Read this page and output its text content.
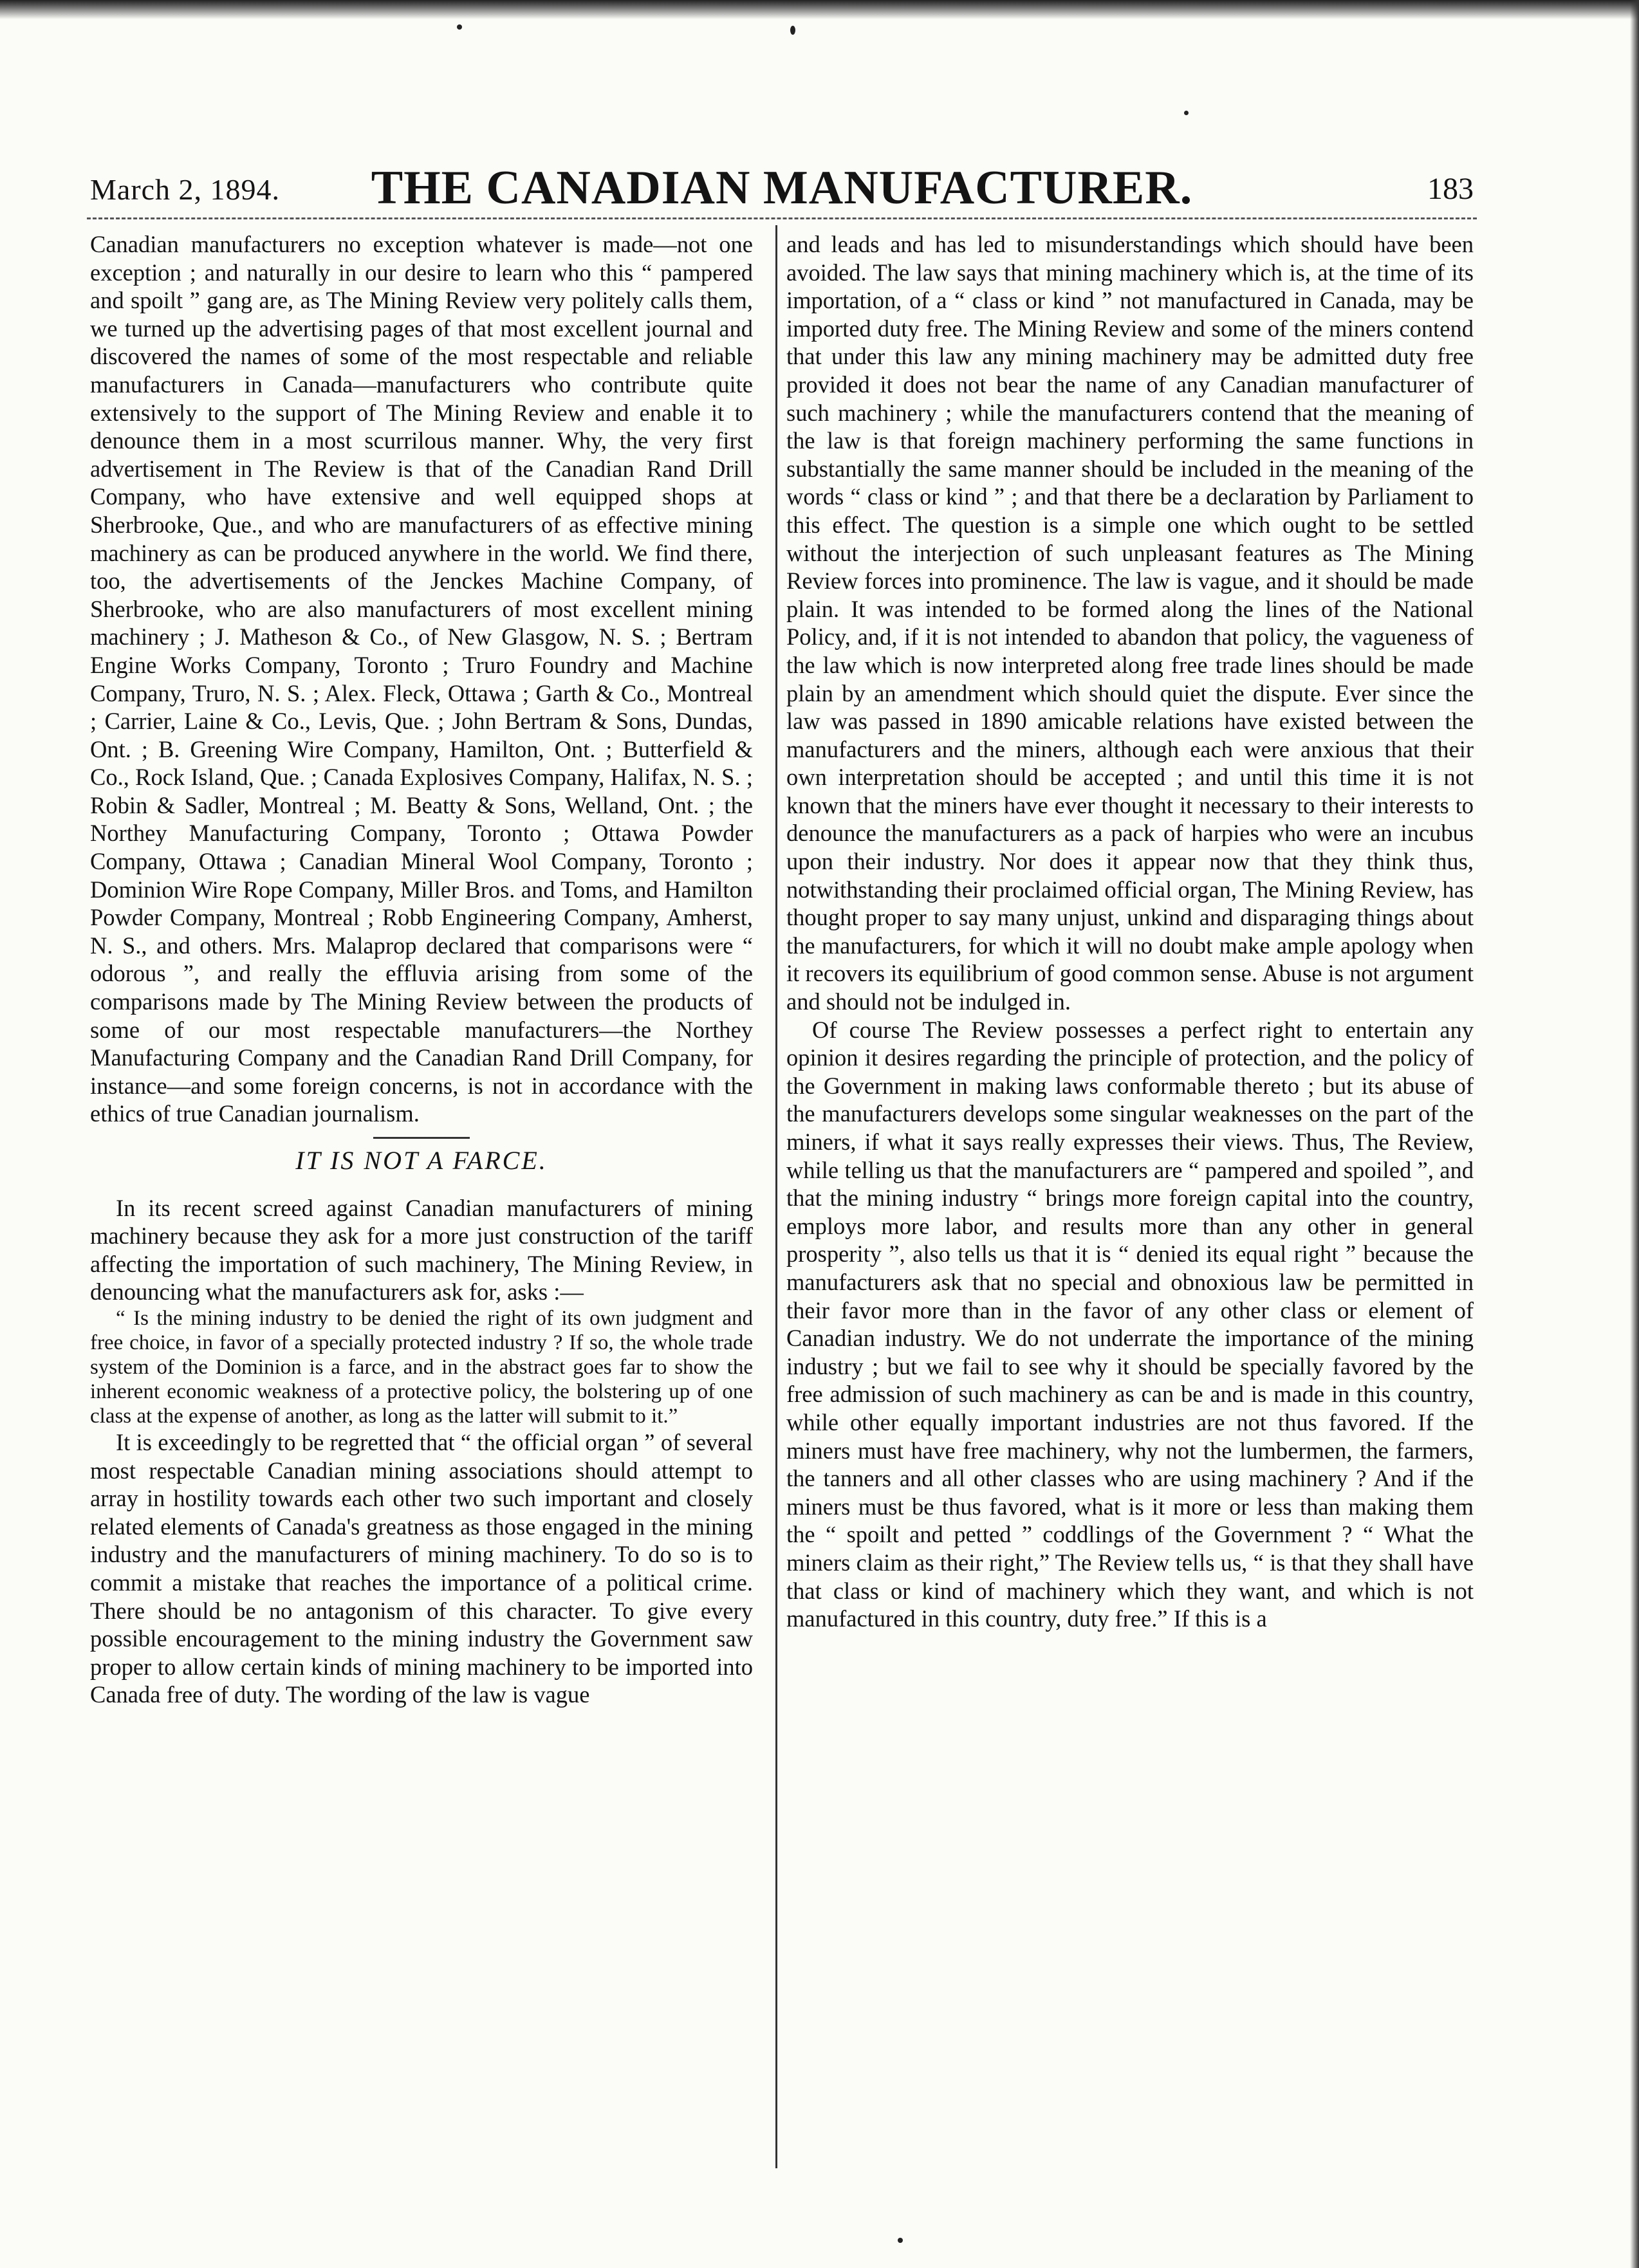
March 2, 1894.	THE CANADIAN MANUFACTURER.	183

Canadian manufacturers no exception whatever is made—not one exception ; and naturally in our desire to learn who this “ pampered and spoilt ” gang are, as The Mining Review very politely calls them, we turned up the advertising pages of that most excellent journal and discovered the names of some of the most respectable and reliable manufacturers in Canada—manufacturers who contribute quite extensively to the support of The Mining Review and enable it to denounce them in a most scurrilous manner. Why, the very first advertisement in The Review is that of the Canadian Rand Drill Company, who have extensive and well equipped shops at Sherbrooke, Que., and who are manufacturers of as effective mining machinery as can be produced anywhere in the world. We find there, too, the advertisements of the Jenckes Machine Company, of Sherbrooke, who are also manufacturers of most excellent mining machinery ; J. Matheson & Co., of New Glasgow, N. S. ; Bertram Engine Works Company, Toronto ; Truro Foundry and Machine Company, Truro, N. S. ; Alex. Fleck, Ottawa ; Garth & Co., Montreal ; Carrier, Laine & Co., Levis, Que. ; John Bertram & Sons, Dundas, Ont. ; B. Greening Wire Company, Hamilton, Ont. ; Butterfield & Co., Rock Island, Que. ; Canada Explosives Company, Halifax, N. S. ; Robin & Sadler, Montreal ; M. Beatty & Sons, Welland, Ont. ; the Northey Manufacturing Company, Toronto ; Ottawa Powder Company, Ottawa ; Canadian Mineral Wool Company, Toronto ; Dominion Wire Rope Company, Miller Bros. and Toms, and Hamilton Powder Company, Montreal ; Robb Engineering Company, Amherst, N. S., and others. Mrs. Malaprop declared that comparisons were “ odorous ”, and really the effluvia arising from some of the comparisons made by The Mining Review between the products of some of our most respectable manufacturers—the Northey Manufacturing Company and the Canadian Rand Drill Company, for instance—and some foreign concerns, is not in accordance with the ethics of true Canadian journalism.

IT IS NOT A FARCE.

In its recent screed against Canadian manufacturers of mining machinery because they ask for a more just construction of the tariff affecting the importation of such machinery, The Mining Review, in denouncing what the manufacturers ask for, asks :—

“ Is the mining industry to be denied the right of its own judgment and free choice, in favor of a specially protected industry ? If so, the whole trade system of the Dominion is a farce, and in the abstract goes far to show the inherent economic weakness of a protective policy, the bolstering up of one class at the expense of another, as long as the latter will submit to it.”

It is exceedingly to be regretted that “ the official organ ” of several most respectable Canadian mining associations should attempt to array in hostility towards each other two such important and closely related elements of Canada's greatness as those engaged in the mining industry and the manufacturers of mining machinery. To do so is to commit a mistake that reaches the importance of a political crime. There should be no antagonism of this character. To give every possible encouragement to the mining industry the Government saw proper to allow certain kinds of mining machinery to be imported into Canada free of duty. The wording of the law is vague

and leads and has led to misunderstandings which should have been avoided. The law says that mining machinery which is, at the time of its importation, of a “ class or kind ” not manufactured in Canada, may be imported duty free. The Mining Review and some of the miners contend that under this law any mining machinery may be admitted duty free provided it does not bear the name of any Canadian manufacturer of such machinery ; while the manufacturers contend that the meaning of the law is that foreign machinery performing the same functions in substantially the same manner should be included in the meaning of the words “ class or kind ” ; and that there be a declaration by Parliament to this effect. The question is a simple one which ought to be settled without the interjection of such unpleasant features as The Mining Review forces into prominence. The law is vague, and it should be made plain. It was intended to be formed along the lines of the National Policy, and, if it is not intended to abandon that policy, the vagueness of the law which is now interpreted along free trade lines should be made plain by an amendment which should quiet the dispute. Ever since the law was passed in 1890 amicable relations have existed between the manufacturers and the miners, although each were anxious that their own interpretation should be accepted ; and until this time it is not known that the miners have ever thought it necessary to their interests to denounce the manufacturers as a pack of harpies who were an incubus upon their industry. Nor does it appear now that they think thus, notwithstanding their proclaimed official organ, The Mining Review, has thought proper to say many unjust, unkind and disparaging things about the manufacturers, for which it will no doubt make ample apology when it recovers its equilibrium of good common sense. Abuse is not argument and should not be indulged in.

Of course The Review possesses a perfect right to entertain any opinion it desires regarding the principle of protection, and the policy of the Government in making laws conformable thereto ; but its abuse of the manufacturers develops some singular weaknesses on the part of the miners, if what it says really expresses their views. Thus, The Review, while telling us that the manufacturers are “ pampered and spoiled ”, and that the mining industry “ brings more foreign capital into the country, employs more labor, and results more than any other in general prosperity ”, also tells us that it is “ denied its equal right ” because the manufacturers ask that no special and obnoxious law be permitted in their favor more than in the favor of any other class or element of Canadian industry. We do not underrate the importance of the mining industry ; but we fail to see why it should be specially favored by the free admission of such machinery as can be and is made in this country, while other equally important industries are not thus favored. If the miners must have free machinery, why not the lumbermen, the farmers, the tanners and all other classes who are using machinery ? And if the miners must be thus favored, what is it more or less than making them the “ spoilt and petted ” coddlings of the Government ? “ What the miners claim as their right,” The Review tells us, “ is that they shall have that class or kind of machinery which they want, and which is not manufactured in this country, duty free.” If this is a
